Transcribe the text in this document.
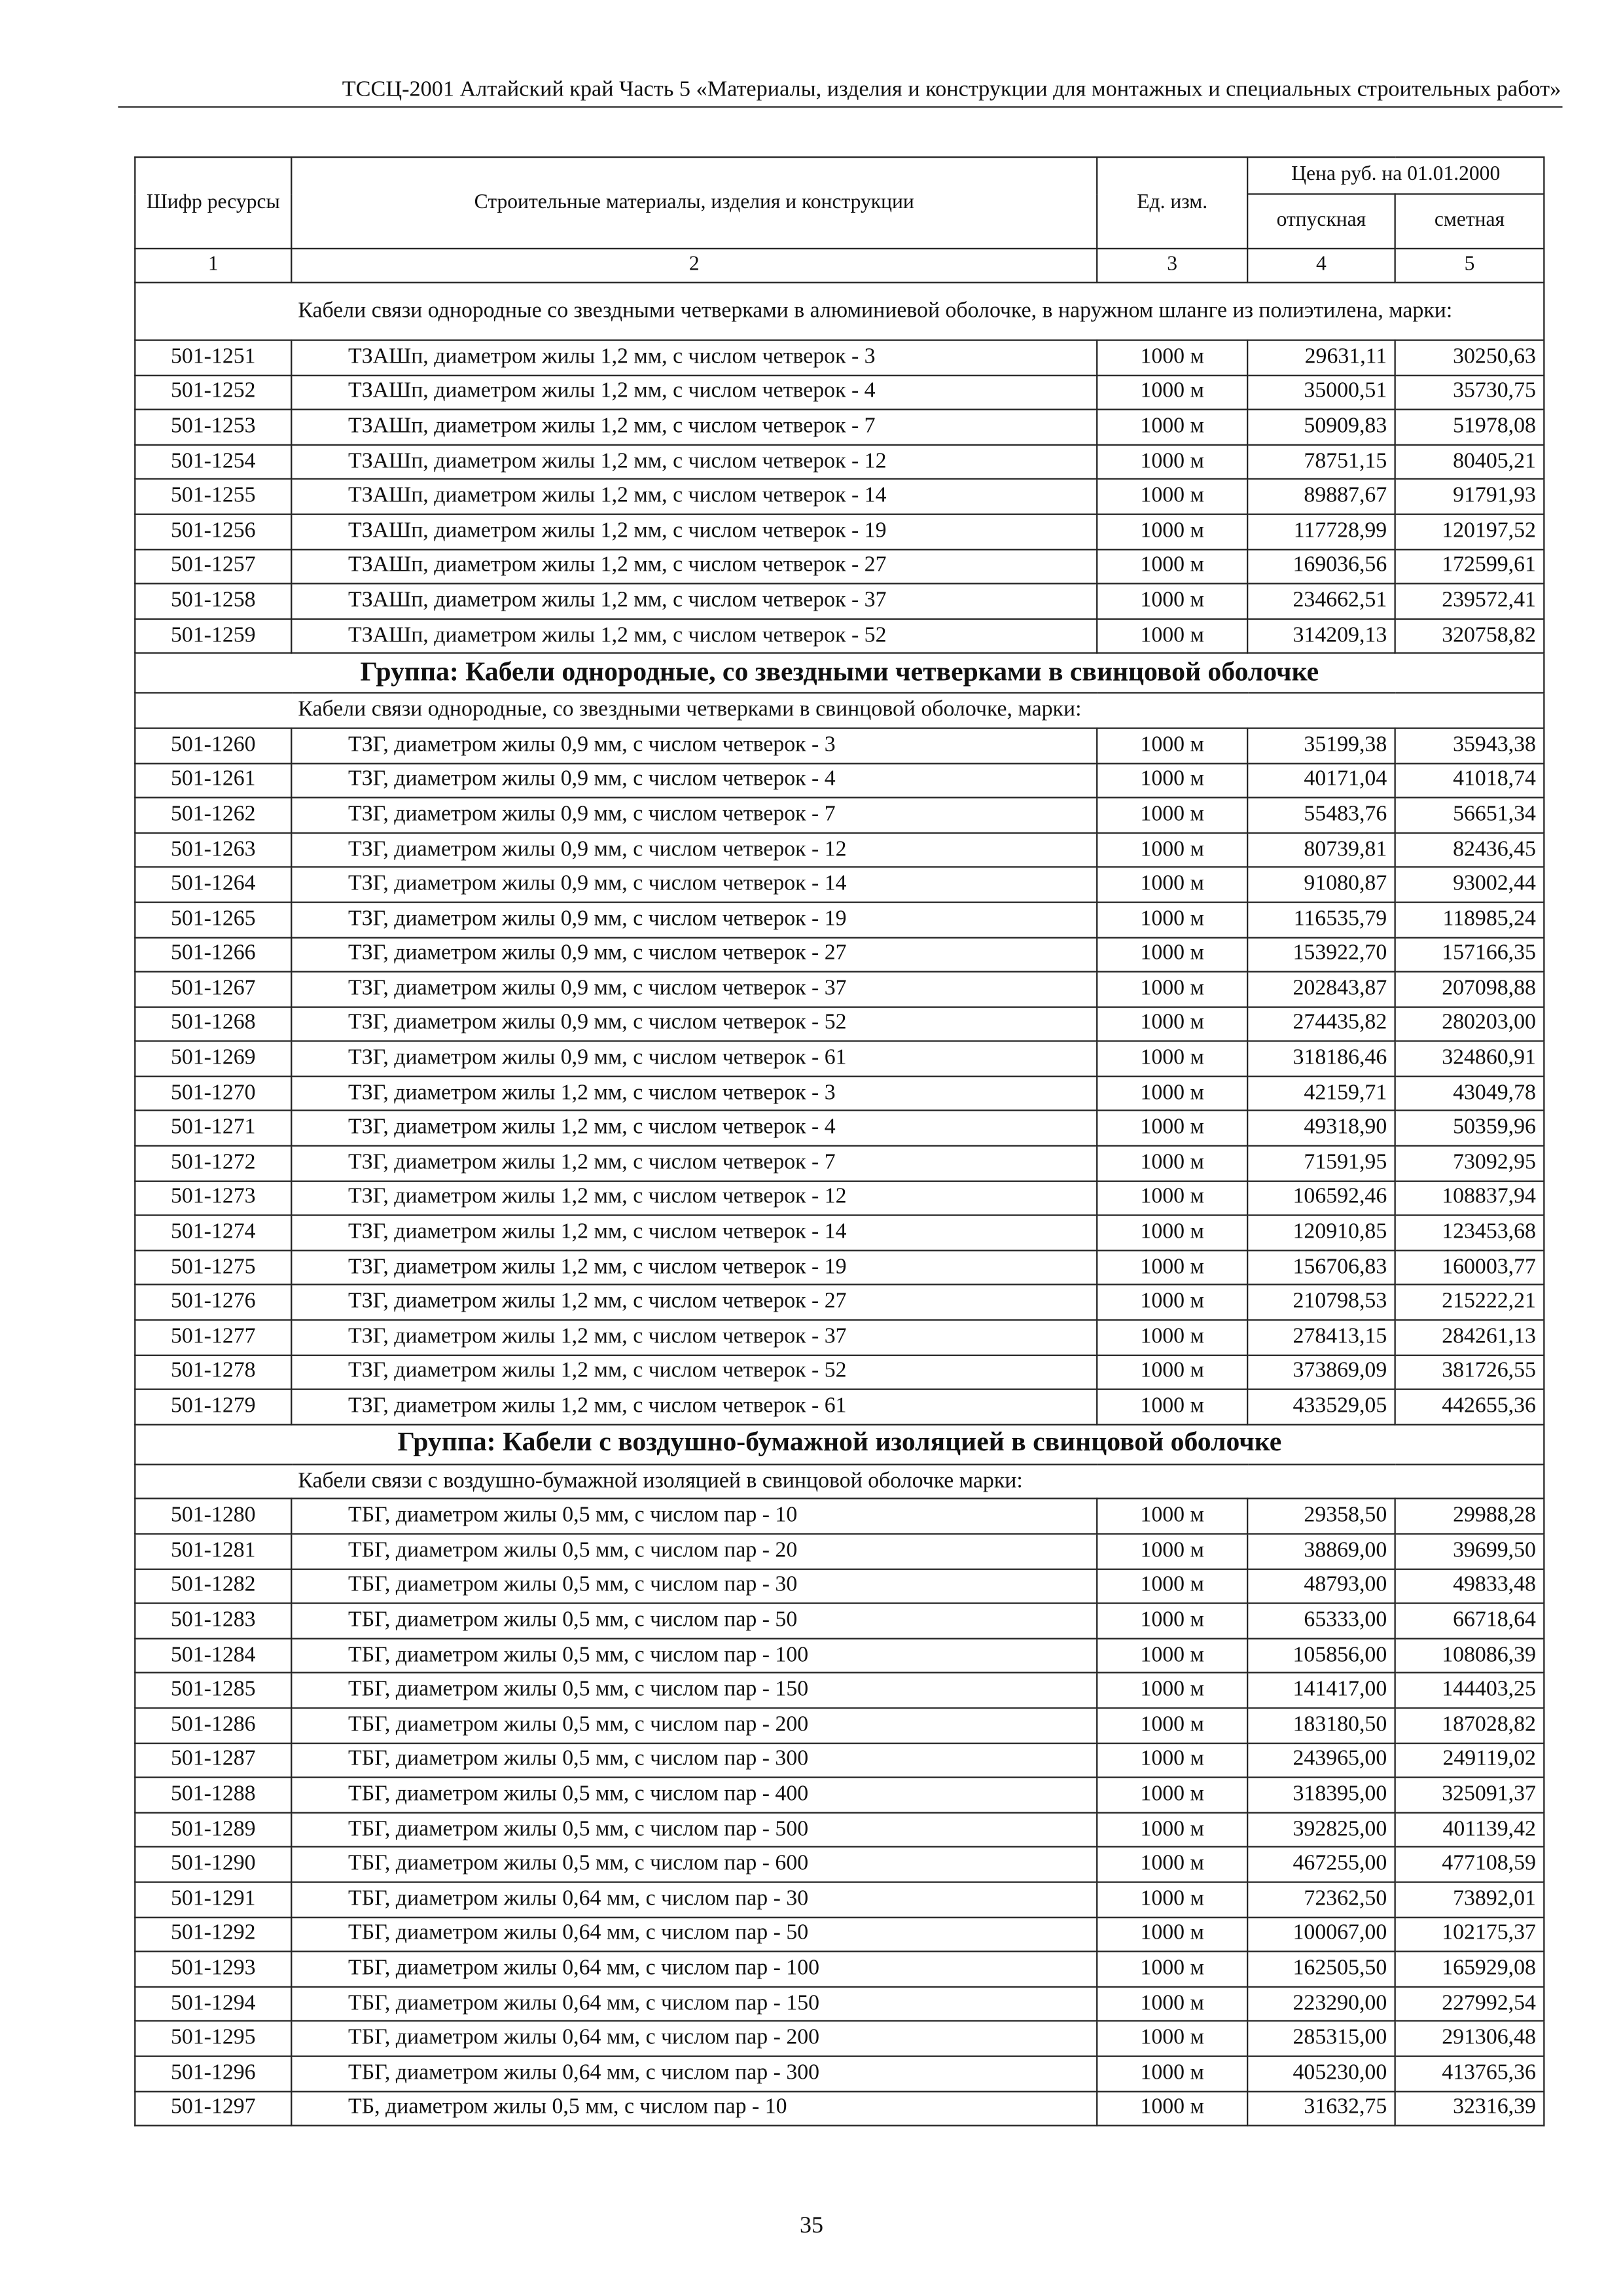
ТССЦ-2001 Алтайский край Часть 5 «Материалы, изделия и конструкции для монтажных и специальных строительных работ»
Шифр ресурсы	Строительные материалы, изделия и конструкции	Ед. изм.	Цена руб. на 01.01.2000	
			отпускная	сметная
1	2	3	4	5
Кабели связи однородные со звездными четверками в алюминиевой оболочке, в наружном шланге из полиэтилена, марки:				
501-1251	ТЗАШп, диаметром жилы 1,2 мм, с числом четверок - 3	1000 м	29631,11	30250,63
501-1252	ТЗАШп, диаметром жилы 1,2 мм, с числом четверок - 4	1000 м	35000,51	35730,75
501-1253	ТЗАШп, диаметром жилы 1,2 мм, с числом четверок - 7	1000 м	50909,83	51978,08
501-1254	ТЗАШп, диаметром жилы 1,2 мм, с числом четверок - 12	1000 м	78751,15	80405,21
501-1255	ТЗАШп, диаметром жилы 1,2 мм, с числом четверок - 14	1000 м	89887,67	91791,93
501-1256	ТЗАШп, диаметром жилы 1,2 мм, с числом четверок - 19	1000 м	117728,99	120197,52
501-1257	ТЗАШп, диаметром жилы 1,2 мм, с числом четверок - 27	1000 м	169036,56	172599,61
501-1258	ТЗАШп, диаметром жилы 1,2 мм, с числом четверок - 37	1000 м	234662,51	239572,41
501-1259	ТЗАШп, диаметром жилы 1,2 мм, с числом четверок - 52	1000 м	314209,13	320758,82
Группа: Кабели однородные, со звездными четверками в свинцовой оболочке				
Кабели связи однородные, со звездными четверками в свинцовой оболочке, марки:				
501-1260	ТЗГ, диаметром жилы 0,9 мм, с числом четверок - 3	1000 м	35199,38	35943,38
501-1261	ТЗГ, диаметром жилы 0,9 мм, с числом четверок - 4	1000 м	40171,04	41018,74
501-1262	ТЗГ, диаметром жилы 0,9 мм, с числом четверок - 7	1000 м	55483,76	56651,34
501-1263	ТЗГ, диаметром жилы 0,9 мм, с числом четверок - 12	1000 м	80739,81	82436,45
501-1264	ТЗГ, диаметром жилы 0,9 мм, с числом четверок - 14	1000 м	91080,87	93002,44
501-1265	ТЗГ, диаметром жилы 0,9 мм, с числом четверок - 19	1000 м	116535,79	118985,24
501-1266	ТЗГ, диаметром жилы 0,9 мм, с числом четверок - 27	1000 м	153922,70	157166,35
501-1267	ТЗГ, диаметром жилы 0,9 мм, с числом четверок - 37	1000 м	202843,87	207098,88
501-1268	ТЗГ, диаметром жилы 0,9 мм, с числом четверок - 52	1000 м	274435,82	280203,00
501-1269	ТЗГ, диаметром жилы 0,9 мм, с числом четверок - 61	1000 м	318186,46	324860,91
501-1270	ТЗГ, диаметром жилы 1,2 мм, с числом четверок - 3	1000 м	42159,71	43049,78
501-1271	ТЗГ, диаметром жилы 1,2 мм, с числом четверок - 4	1000 м	49318,90	50359,96
501-1272	ТЗГ, диаметром жилы 1,2 мм, с числом четверок - 7	1000 м	71591,95	73092,95
501-1273	ТЗГ, диаметром жилы 1,2 мм, с числом четверок - 12	1000 м	106592,46	108837,94
501-1274	ТЗГ, диаметром жилы 1,2 мм, с числом четверок - 14	1000 м	120910,85	123453,68
501-1275	ТЗГ, диаметром жилы 1,2 мм, с числом четверок - 19	1000 м	156706,83	160003,77
501-1276	ТЗГ, диаметром жилы 1,2 мм, с числом четверок - 27	1000 м	210798,53	215222,21
501-1277	ТЗГ, диаметром жилы 1,2 мм, с числом четверок - 37	1000 м	278413,15	284261,13
501-1278	ТЗГ, диаметром жилы 1,2 мм, с числом четверок - 52	1000 м	373869,09	381726,55
501-1279	ТЗГ, диаметром жилы 1,2 мм, с числом четверок - 61	1000 м	433529,05	442655,36
Группа: Кабели с воздушно-бумажной изоляцией в свинцовой оболочке				
Кабели связи с воздушно-бумажной изоляцией в свинцовой оболочке марки:				
501-1280	ТБГ, диаметром жилы 0,5 мм, с числом пар - 10	1000 м	29358,50	29988,28
501-1281	ТБГ, диаметром жилы 0,5 мм, с числом пар - 20	1000 м	38869,00	39699,50
501-1282	ТБГ, диаметром жилы 0,5 мм, с числом пар - 30	1000 м	48793,00	49833,48
501-1283	ТБГ, диаметром жилы 0,5 мм, с числом пар - 50	1000 м	65333,00	66718,64
501-1284	ТБГ, диаметром жилы 0,5 мм, с числом пар - 100	1000 м	105856,00	108086,39
501-1285	ТБГ, диаметром жилы 0,5 мм, с числом пар - 150	1000 м	141417,00	144403,25
501-1286	ТБГ, диаметром жилы 0,5 мм, с числом пар - 200	1000 м	183180,50	187028,82
501-1287	ТБГ, диаметром жилы 0,5 мм, с числом пар - 300	1000 м	243965,00	249119,02
501-1288	ТБГ, диаметром жилы 0,5 мм, с числом пар - 400	1000 м	318395,00	325091,37
501-1289	ТБГ, диаметром жилы 0,5 мм, с числом пар - 500	1000 м	392825,00	401139,42
501-1290	ТБГ, диаметром жилы 0,5 мм, с числом пар - 600	1000 м	467255,00	477108,59
501-1291	ТБГ, диаметром жилы 0,64 мм, с числом пар - 30	1000 м	72362,50	73892,01
501-1292	ТБГ, диаметром жилы 0,64 мм, с числом пар - 50	1000 м	100067,00	102175,37
501-1293	ТБГ, диаметром жилы 0,64 мм, с числом пар - 100	1000 м	162505,50	165929,08
501-1294	ТБГ, диаметром жилы 0,64 мм, с числом пар - 150	1000 м	223290,00	227992,54
501-1295	ТБГ, диаметром жилы 0,64 мм, с числом пар - 200	1000 м	285315,00	291306,48
501-1296	ТБГ, диаметром жилы 0,64 мм, с числом пар - 300	1000 м	405230,00	413765,36
501-1297	ТБ, диаметром жилы 0,5 мм, с числом пар - 10	1000 м	31632,75	32316,39
35
